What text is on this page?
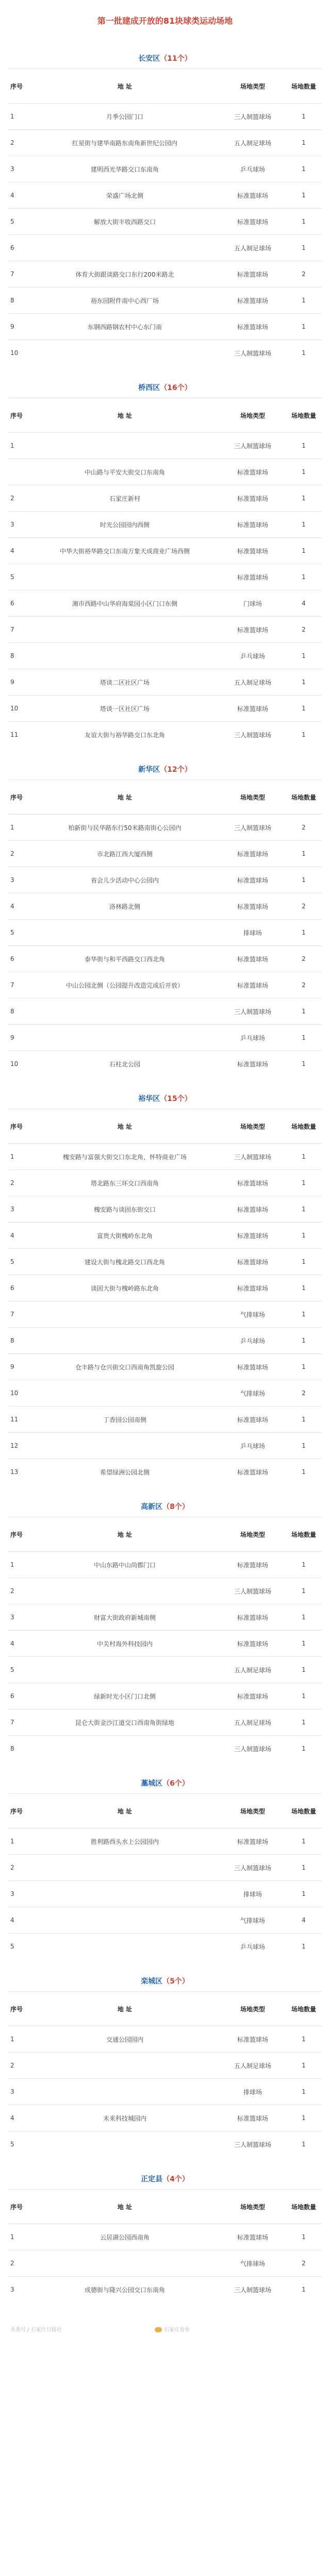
第一批建成开放的81块球类运动场地
长安区（11个）
序号	地 址	场地类型	场地数量
1	月季公园门口	三人制篮球场	1
2	红星街与建华南路东南角新世纪公园内	五人制足球场	1
3	建明西光华路交口东南角	乒乓球场	1
4	荣盛广场北侧	标准篮球场	1
5	解放大街丰收西路交口	标准篮球场	1
6		五人制足球场	1
7	体育大街跟谈路交口东行200米路北	标准篮球场	2
8	裕东园附件南中心西厂场	标准篮球场	1
9	东钢西路钢农村中心东门南	标准篮球场	1
10		三人制篮球场	1
桥西区（16个）
序号	地 址	场地类型	场地数量
1		三人制篮球场	1
	中山路与平安大街交口东南角	标准篮球场	1
2	石家庄新村	标准篮球场	1
3	时光公园园内西侧	标准篮球场	1
4	中华大街裕华路交口东南万象天成商业广场西侧	标准篮球场	1
5		标准篮球场	1
6	湘市西路中山华府海棠园小区门口东侧	门球场	4
7		标准篮球场	2
8		乒乓球场	1
9	塔谈二区社区广场	五人制足球场	1
10	塔谈一区社区广场	标准篮球场	1
11	友谊大街与裕华路交口东北角	三人制篮球场	1
新华区（12个）
序号	地 址	场地类型	场地数量
1	柏新街与民华路东行50米路南街心公园内	三人制篮球场	2
2	市北路江西大厦西侧	标准篮球场	1
3	省会儿少活动中心公园内	标准篮球场	1
4	洛林路北侧	标准篮球场	2
5		排球场	1
6	泰华街与和平西路交口西北角	标准篮球场	2
7	中山公园北侧（公园提升改造完成后开放）	标准篮球场	2
8		三人制篮球场	1
9		乒乓球场	1
10	石柱北公园	标准篮球场	1
裕华区（15个）
序号	地 址	场地类型	场地数量
1	槐安路与富强大街交口东北角，怀特商业广场	三人制篮球场	1
2	塔北路东三环交口西南角	标准篮球场	1
3	槐安路与谈固东街交口	标准篮球场	1
4	富贵大街槐岭东北角	标准篮球场	1
5	建设大街与槐北路交口西北角	标准篮球场	1
6	谈固大街与槐岭路东北角	标准篮球场	1
7		气排球场	1
8		乒乓球场	1
9	仓丰路与仓兴街交口西南角凯旋公园	标准篮球场	1
10		气排球场	2
11	丁香园公园南侧	标准篮球场	1
12		乒乓球场	1
13	希望绿洲公园北侧	标准篮球场	1
高新区（8个）
序号	地 址	场地类型	场地数量
1	中山东路中山尚郡门口	标准篮球场	1
2		三人制篮球场	1
3	财富大街政府新城南侧	标准篮球场	1
4	中关村海外科技园内	标准篮球场	1
5		五人制足球场	1
6	绿新时光小区门口北侧	标准篮球场	1
7	昆仑大街金沙江道交口西南角街绿地	五人制足球场	1
8		三人制篮球场	1
藁城区（6个）
序号	地 址	场地类型	场地数量
1	胜利路西头水上公园园内	标准篮球场	1
2		三人制篮球场	1
3		排球场	1
4		气排球场	4
5		乒乓球场	1
栾城区（5个）
序号	地 址	场地类型	场地数量
1	交通公园园内	标准篮球场	1
2		五人制足球场	1
3		排球场	1
4	未来科技城园内	标准篮球场	1
5		三人制篮球场	1
正定县（4个）
序号	地 址	场地类型	场地数量
1	云居湖公园西南角	标准篮球场	1
2		气排球场	2
3	成德街与隆兴公园交口东南角	三人制篮球场	1
头条号 / 石家庄日报社	石家庄发布
